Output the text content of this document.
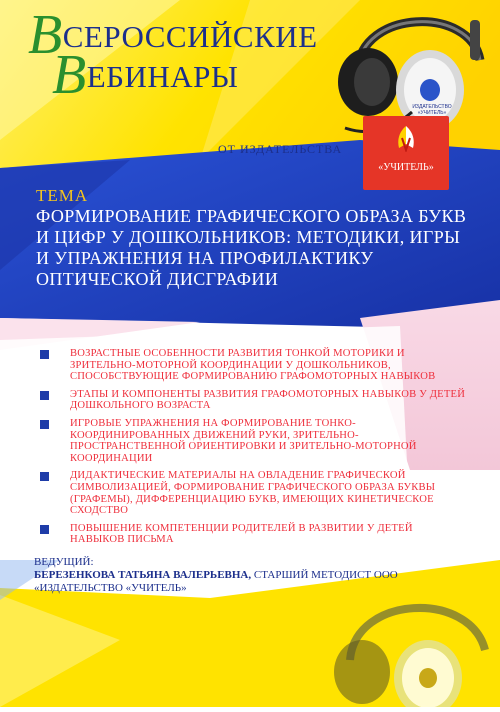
ИЗДАТЕЛЬСТВО «УЧИТЕЛЬ»
ВСЕРОССИЙСКИЕ
ВЕБИНАРЫ
ОТ ИЗДАТЕЛЬСТВА
«УЧИТЕЛЬ»
ТЕМА
ФОРМИРОВАНИЕ ГРАФИЧЕСКОГО ОБРАЗА БУКВ И ЦИФР У ДОШКОЛЬНИКОВ: МЕТОДИКИ, ИГРЫ И УПРАЖНЕНИЯ НА ПРОФИЛАКТИКУ ОПТИЧЕСКОЙ ДИСГРАФИИ
ВОЗРАСТНЫЕ ОСОБЕННОСТИ РАЗВИТИЯ ТОНКОЙ МОТОРИКИ И ЗРИТЕЛЬНО-МОТОРНОЙ КООРДИНАЦИИ У ДОШКОЛЬНИКОВ, СПОСОБСТВУЮЩИЕ ФОРМИРОВАНИЮ ГРАФОМОТОРНЫХ НАВЫКОВ
ЭТАПЫ И КОМПОНЕНТЫ РАЗВИТИЯ ГРАФОМОТОРНЫХ НАВЫКОВ У ДЕТЕЙ ДОШКОЛЬНОГО ВОЗРАСТА
ИГРОВЫЕ УПРАЖНЕНИЯ НА ФОРМИРОВАНИЕ ТОНКО-КООРДИНИРОВАННЫХ ДВИЖЕНИЙ РУКИ, ЗРИТЕЛЬНО-ПРОСТРАНСТВЕННОЙ ОРИЕНТИРОВКИ И ЗРИТЕЛЬНО-МОТОРНОЙ КООРДИНАЦИИ
ДИДАКТИЧЕСКИЕ МАТЕРИАЛЫ НА ОВЛАДЕНИЕ ГРАФИЧЕСКОЙ СИМВОЛИЗАЦИЕЙ, ФОРМИРОВАНИЕ ГРАФИЧЕСКОГО ОБРАЗА БУКВЫ (ГРАФЕМЫ), ДИФФЕРЕНЦИАЦИЮ БУКВ, ИМЕЮЩИХ КИНЕТИЧЕСКОЕ СХОДСТВО
ПОВЫШЕНИЕ КОМПЕТЕНЦИИ РОДИТЕЛЕЙ В РАЗВИТИИ У ДЕТЕЙ НАВЫКОВ ПИСЬМА
ВЕДУЩИЙ:
БЕРЕЗЕНКОВА ТАТЬЯНА ВАЛЕРЬЕВНА, СТАРШИЙ МЕТОДИСТ ООО «ИЗДАТЕЛЬСТВО «УЧИТЕЛЬ»
